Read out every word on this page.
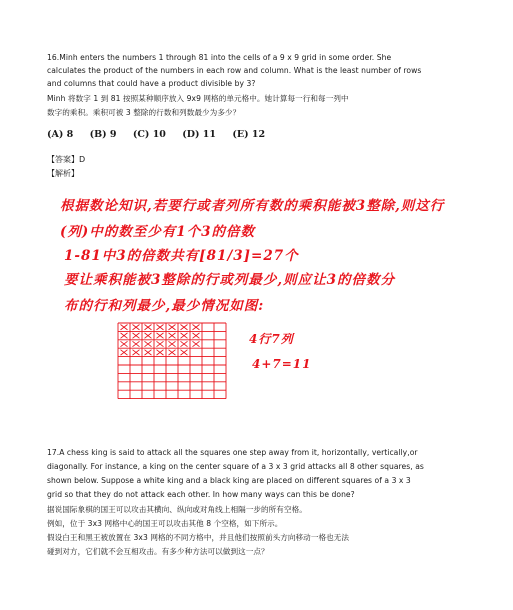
16.Minh enters the numbers 1 through 81 into the cells of a 9 x 9 grid in some order. She

calculates the product of the numbers in each row and column. What is the least number of rows

and columns that could have a product divisible by 3?

Minh 将数字 1 到 81 按照某种顺序放入 9x9 网格的单元格中。她计算每一行和每一列中

数字的乘积。乘积可被 3 整除的行数和列数最少为多少？

(A) 8 (B) 9 (C) 10 (D) 11 (E) 12

【答案】D

【解析】

根据数论知识,若要行或者列所有数的乘积能被3整除,则这行

(列)中的数至少有1个3的倍数

1-81中3的倍数共有[81/3]=27个

要让乘积能被3整除的行或列最少,则应让3的倍数分

布的行和列最少,最少情况如图:

4行7列

4+7=11

17.A chess king is said to attack all the squares one step away from it, horizontally, vertically,or

diagonally. For instance, a king on the center square of a 3 x 3 grid attacks all 8 other squares, as

shown below. Suppose a white king and a black king are placed on different squares of a 3 x 3

grid so that they do not attack each other. In how many ways can this be done?

据说国际象棋的国王可以攻击其横向、纵向或对角线上相隔一步的所有空格。

例如，位于 3x3 网格中心的国王可以攻击其他 8 个空格，如下所示。

假设白王和黑王被放置在 3x3 网格的不同方格中，并且他们按照前头方向移动一格也无法

碰到对方，它们就不会互相攻击。有多少种方法可以做到这一点？
